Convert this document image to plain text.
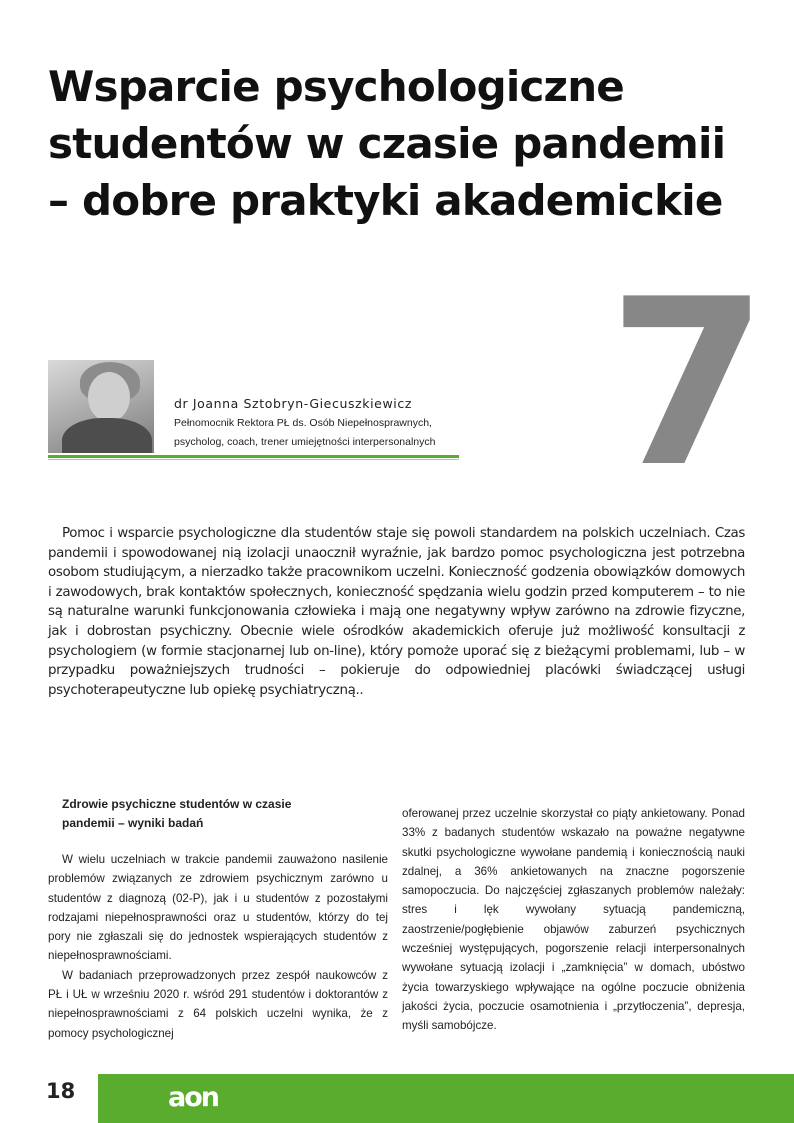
Wsparcie psychologiczne studentów w czasie pandemii – dobre praktyki akademickie
7
dr Joanna Sztobryn-Giecuszkiewicz
Pełnomocnik Rektora PŁ ds. Osób Niepełnosprawnych,
psycholog, coach, trener umiejętności interpersonalnych

Pomoc i wsparcie psychologiczne dla studentów staje się powoli standardem na polskich uczelniach. Czas pandemii i spowodowanej nią izolacji unaocznił wyraźnie, jak bardzo pomoc psychologiczna jest potrzebna osobom studiującym, a nierzadko także pracownikom uczelni. Konieczność godzenia obowiązków domowych i zawodowych, brak kontaktów społecznych, konieczność spędzania wielu godzin przed komputerem – to nie są naturalne warunki funkcjonowania człowieka i mają one negatywny wpływ zarówno na zdrowie fizyczne, jak i dobrostan psychiczny. Obecnie wiele ośrodków akademickich oferuje już możliwość konsultacji z psychologiem (w formie stacjonarnej lub on-line), który pomoże uporać się z bieżącymi problemami, lub – w przypadku poważniejszych trudności – pokieruje do odpowiedniej placówki świadczącej usługi psychoterapeutyczne lub opiekę psychiatryczną..

Zdrowie psychiczne studentów w czasie
pandemii – wyniki badań

W wielu uczelniach w trakcie pandemii zauważono nasilenie problemów związanych ze zdrowiem psychicznym zarówno u studentów z diagnozą (02-P), jak i u studentów z pozostałymi rodzajami niepełnosprawności oraz u studentów, którzy do tej pory nie zgłaszali się do jednostek wspierających studentów z niepełnosprawnościami.

W badaniach przeprowadzonych przez zespół naukowców z PŁ i UŁ w wrześniu 2020 r. wśród 291 studentów i doktorantów z niepełnosprawnościami z 64 polskich uczelni wynika, że z pomocy psychologicznej

oferowanej przez uczelnie skorzystał co piąty ankietowany. Ponad 33% z badanych studentów wskazało na poważne negatywne skutki psychologiczne wywołane pandemią i koniecznością nauki zdalnej, a 36% ankietowanych na znaczne pogorszenie samopoczucia. Do najczęściej zgłaszanych problemów należały: stres i lęk wywołany sytuacją pandemiczną, zaostrzenie/pogłębienie objawów zaburzeń psychicznych wcześniej występujących, pogorszenie relacji interpersonalnych wywołane sytuacją izolacji i „zamknięcia” w domach, ubóstwo życia towarzyskiego wpływające na ogólne poczucie obniżenia jakości życia, poczucie osamotnienia i „przytłoczenia”, depresja, myśli samobójcze.

18	aon
